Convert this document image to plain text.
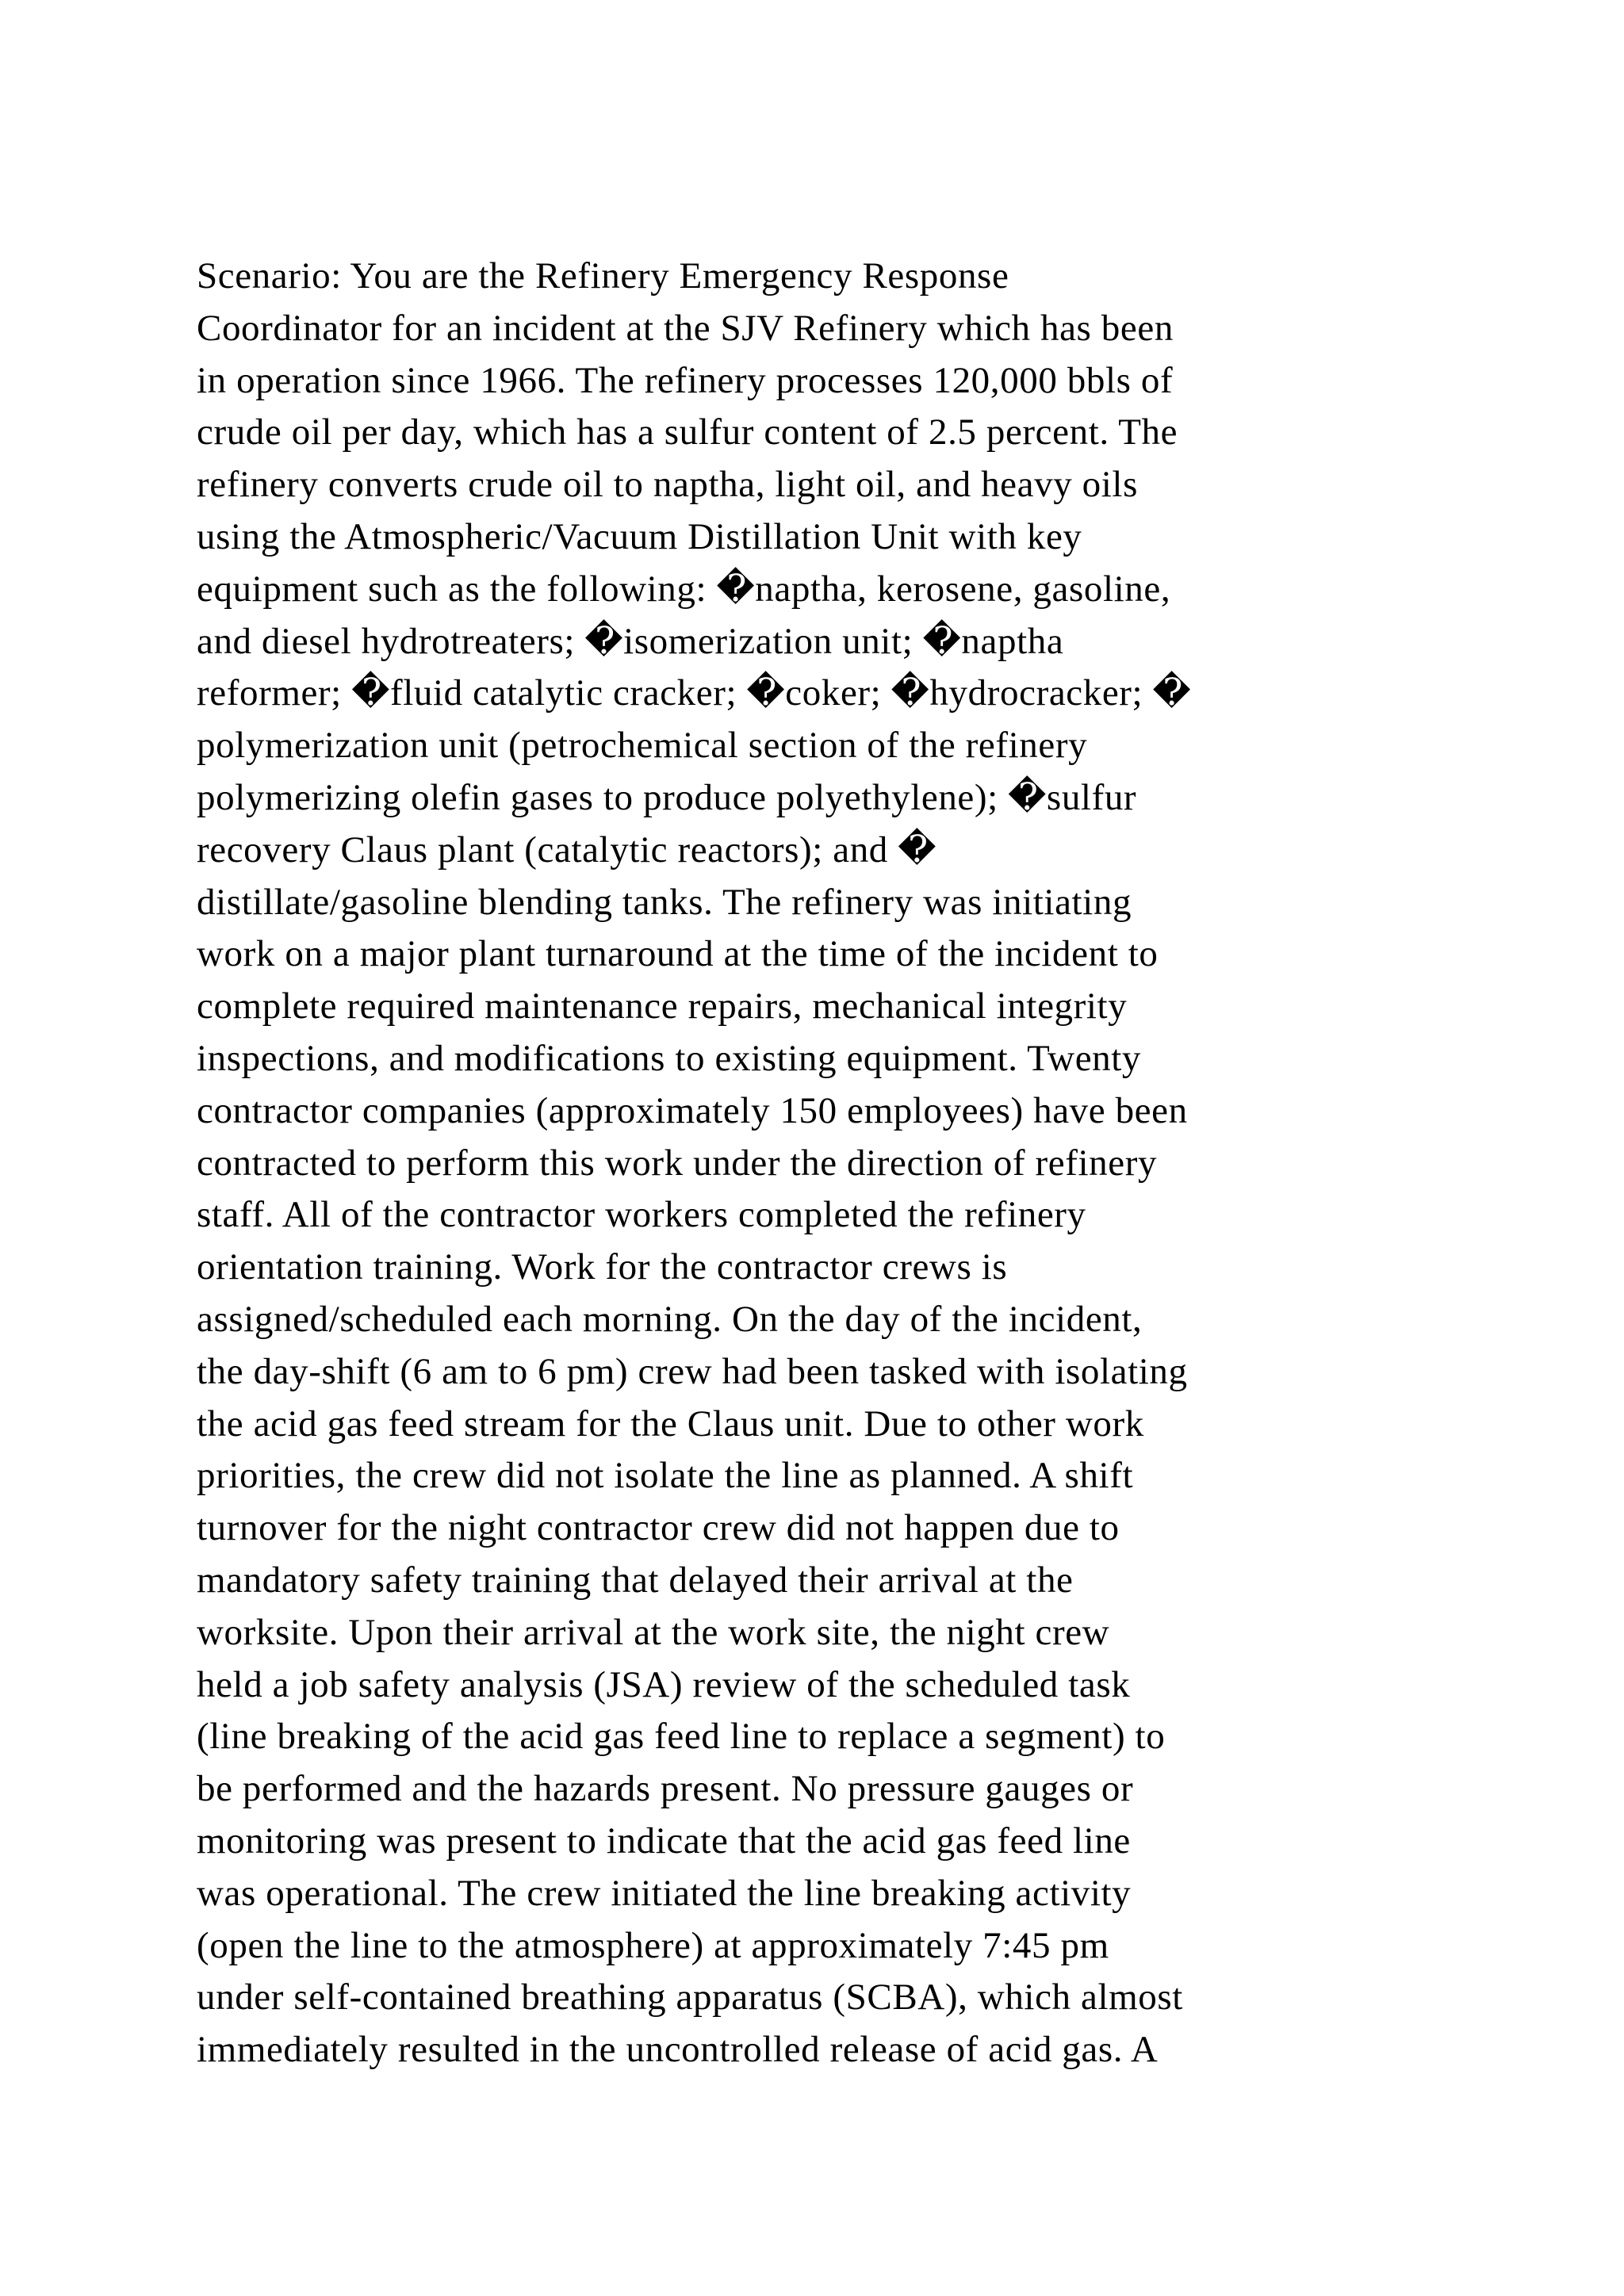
Scenario: You are the Refinery Emergency Response
Coordinator for an incident at the SJV Refinery which has been
in operation since 1966. The refinery processes 120,000 bbls of
crude oil per day, which has a sulfur content of 2.5 percent. The
refinery converts crude oil to naptha, light oil, and heavy oils
using the Atmospheric/Vacuum Distillation Unit with key
equipment such as the following: �naptha, kerosene, gasoline,
and diesel hydrotreaters; �isomerization unit; �naptha
reformer; �fluid catalytic cracker; �coker; �hydrocracker; �
polymerization unit (petrochemical section of the refinery
polymerizing olefin gases to produce polyethylene); �sulfur
recovery Claus plant (catalytic reactors); and �
distillate/gasoline blending tanks. The refinery was initiating
work on a major plant turnaround at the time of the incident to
complete required maintenance repairs, mechanical integrity
inspections, and modifications to existing equipment. Twenty
contractor companies (approximately 150 employees) have been
contracted to perform this work under the direction of refinery
staff. All of the contractor workers completed the refinery
orientation training. Work for the contractor crews is
assigned/scheduled each morning. On the day of the incident,
the day-shift (6 am to 6 pm) crew had been tasked with isolating
the acid gas feed stream for the Claus unit. Due to other work
priorities, the crew did not isolate the line as planned. A shift
turnover for the night contractor crew did not happen due to
mandatory safety training that delayed their arrival at the
worksite. Upon their arrival at the work site, the night crew
held a job safety analysis (JSA) review of the scheduled task
(line breaking of the acid gas feed line to replace a segment) to
be performed and the hazards present. No pressure gauges or
monitoring was present to indicate that the acid gas feed line
was operational. The crew initiated the line breaking activity
(open the line to the atmosphere) at approximately 7:45 pm
under self-contained breathing apparatus (SCBA), which almost
immediately resulted in the uncontrolled release of acid gas. A
